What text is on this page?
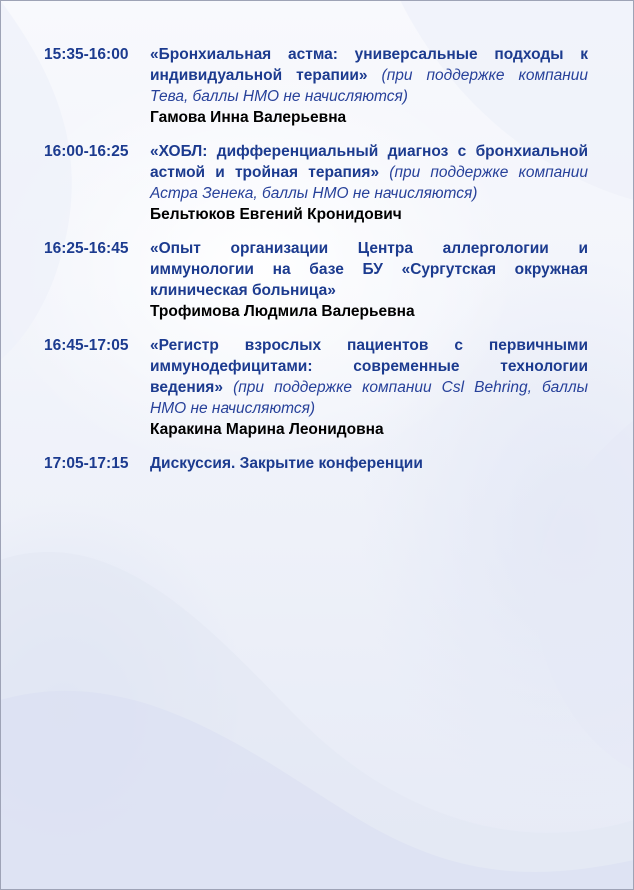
15:35-16:00	«Бронхиальная астма: универсальные подходы к индивидуальной терапии» (при поддержке компании Тева, баллы НМО не начисляются)
Гамова Инна Валерьевна
16:00-16:25	«ХОБЛ: дифференциальный диагноз с бронхиальной астмой и тройная терапия» (при поддержке компании Астра Зенека, баллы НМО не начисляются)
Бельтюков Евгений Кронидович
16:25-16:45	«Опыт организации Центра аллергологии и иммунологии на базе БУ «Сургутская окружная клиническая больница»
Трофимова Людмила Валерьевна
16:45-17:05	«Регистр взрослых пациентов с первичными иммунодефицитами: современные технологии ведения» (при поддержке компании Csl Behring, баллы НМО не начисляются)
Каракина Марина Леонидовна
17:05-17:15	Дискуссия. Закрытие конференции
